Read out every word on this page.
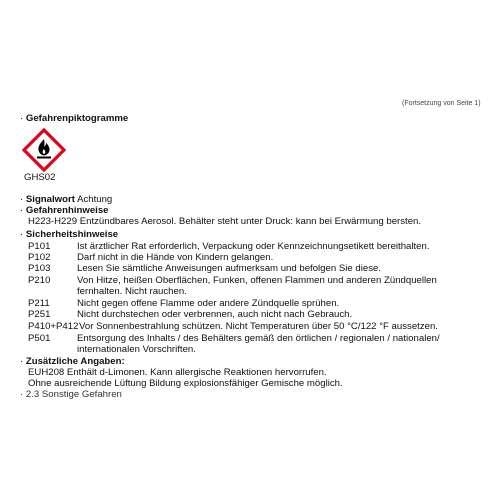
(Fortsetzung von Seite 1)
· Gefahrenpiktogramme
GHS02
· Signalwort Achtung
· Gefahrenhinweise
H223-H229 Entzündbares Aerosol. Behälter steht unter Druck: kann bei Erwärmung bersten.
· Sicherheitshinweise
P101	Ist ärztlicher Rat erforderlich, Verpackung oder Kennzeichnungsetikett bereithalten.
P102	Darf nicht in die Hände von Kindern gelangen.
P103	Lesen Sie sämtliche Anweisungen aufmerksam und befolgen Sie diese.
P210	Von Hitze, heißen Oberflächen, Funken, offenen Flammen und anderen Zündquellen
fernhalten. Nicht rauchen.
P211	Nicht gegen offene Flamme oder andere Zündquelle sprühen.
P251	Nicht durchstechen oder verbrennen, auch nicht nach Gebrauch.
P410+P412 Vor Sonnenbestrahlung schützen. Nicht Temperaturen über 50 °C/122 °F aussetzen.
P501	Entsorgung des Inhalts / des Behälters gemäß den örtlichen / regionalen / nationalen/
internationalen Vorschriften.
· Zusätzliche Angaben:
EUH208 Enthält d-Limonen. Kann allergische Reaktionen hervorrufen.
Ohne ausreichende Lüftung Bildung explosionsfähiger Gemische möglich.
· 2.3 Sonstige Gefahren
